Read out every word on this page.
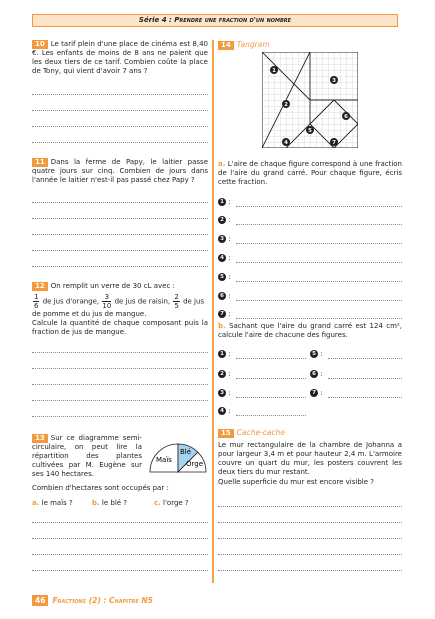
Série 4 : Prendre une fraction d'un nombre

10 Le tarif plein d'une place de cinéma est 8,40 €. Les enfants de moins de 8 ans ne paient que les deux tiers de ce tarif. Combien coûte la place de Tony, qui vient d'avoir 7 ans ?

11 Dans la ferme de Papy, le laitier passe quatre jours sur cinq. Combien de jours dans l'année le laitier n'est-il pas passé chez Papy ?

12 On remplit un verre de 30 cL avec :

$\frac{1}{6}$ de jus d'orange, $\frac{3}{10}$ de jus de raisin, $\frac{2}{5}$ de jus

de pomme et du jus de mangue.

Calcule la quantité de chaque composant puis la fraction de jus de mangue.

13 Sur ce diagramme semi-circulaire, on peut lire la répartition des plantes cultivées par M. Eugène sur ses 140 hectares.

Maïs
Blé
Orge
Combien d'hectares sont occupés par :
a. le maïs ?	b. le blé ?	c. l'orge ?
14 Tangram
1
2
3
4
5
6
7

a. L'aire de chaque figure correspond à une fraction de l'aire du grand carré. Pour chaque figure, écris cette fraction.

1 :
2 :
3 :
4 :
5 :
6 :
7 :

b. Sachant que l'aire du grand carré est 124 cm², calcule l'aire de chacune des figures.

1 :	5 :
2 :	6 :
3 :	7 :
4 :
15 Cache-cache

Le mur rectangulaire de la chambre de Johanna a pour largeur 3,4 m et pour hauteur 2,4 m. L'armoire couvre un quart du mur, les posters couvrent les deux tiers du mur restant.

Quelle superficie du mur est encore visible ?

46 Fractions (2) : Chapitre N5
